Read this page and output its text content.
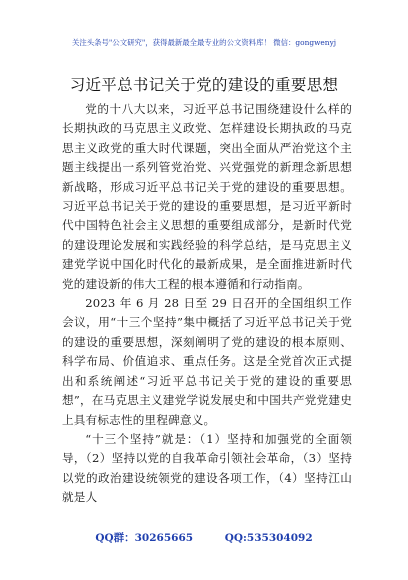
关注头条号"公文研究"，获得最新最全最专业的公文资料库！ 微信：gongwenyj
习近平总书记关于党的建设的重要思想

党的十八大以来，习近平总书记围绕建设什么样的长期执政的马克思主义政党、怎样建设长期执政的马克思主义政党的重大时代课题，突出全面从严治党这个主题主线提出一系列管党治党、兴党强党的新理念新思想新战略，形成习近平总书记关于党的建设的重要思想。习近平总书记关于党的建设的重要思想，是习近平新时代中国特色社会主义思想的重要组成部分，是新时代党的建设理论发展和实践经验的科学总结，是马克思主义建党学说中国化时代化的最新成果，是全面推进新时代党的建设新的伟大工程的根本遵循和行动指南。

2023 年 6 月 28 日至 29 日召开的全国组织工作会议，用“十三个坚持”集中概括了习近平总书记关于党的建设的重要思想，深刻阐明了党的建设的根本原则、科学布局、价值追求、重点任务。这是全党首次正式提出和系统阐述“习近平总书记关于党的建设的重要思想”，在马克思主义建党学说发展史和中国共产党党建史上具有标志性的里程碑意义。

“十三个坚持”就是：（1）坚持和加强党的全面领导，（2）坚持以党的自我革命引领社会革命，（3）坚持以党的政治建设统领党的建设各项工作，（4）坚持江山就是人

QQ群：30265665	QQ:535304092
